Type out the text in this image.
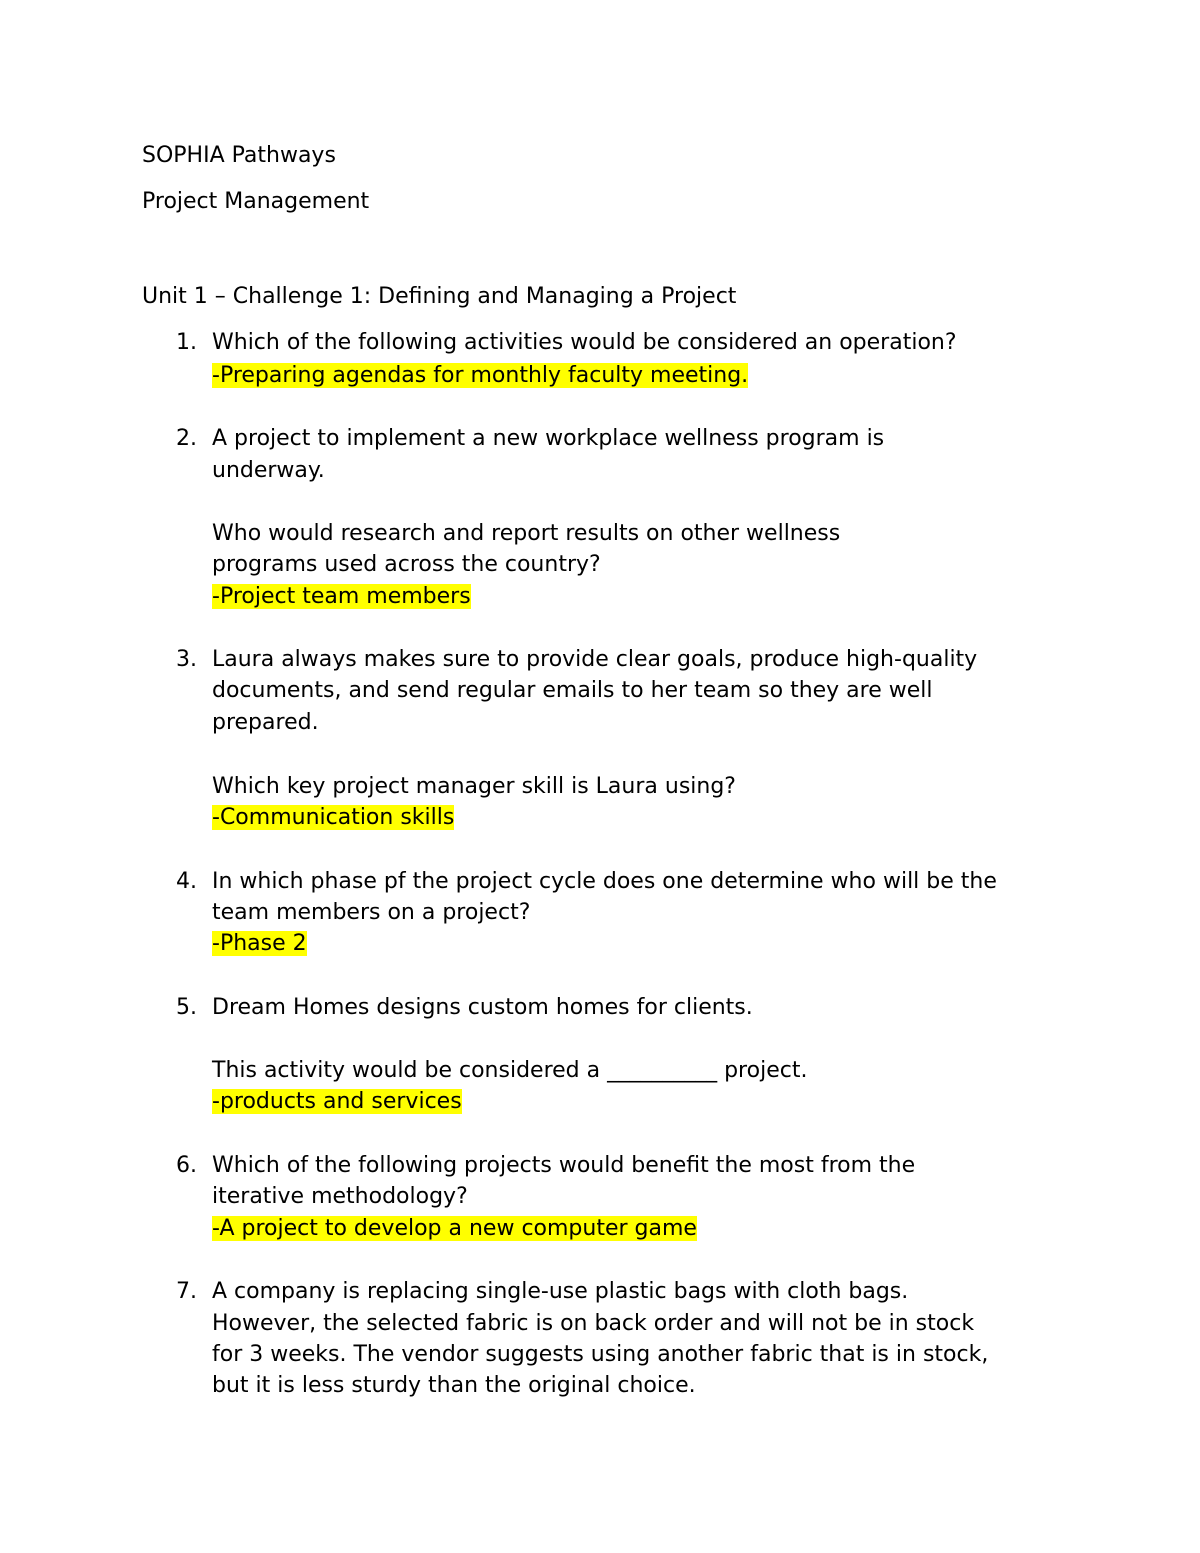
SOPHIA Pathways
Project Management
Unit 1 – Challenge 1: Defining and Managing a Project
1. Which of the following activities would be considered an operation?
-Preparing agendas for monthly faculty meeting.
2. A project to implement a new workplace wellness program is
underway.
Who would research and report results on other wellness
programs used across the country?
-Project team members
3. Laura always makes sure to provide clear goals, produce high-quality
documents, and send regular emails to her team so they are well
prepared.
Which key project manager skill is Laura using?
-Communication skills
4. In which phase pf the project cycle does one determine who will be the
team members on a project?
-Phase 2
5. Dream Homes designs custom homes for clients.
This activity would be considered a __________ project.
-products and services
6. Which of the following projects would benefit the most from the
iterative methodology?
-A project to develop a new computer game
7. A company is replacing single-use plastic bags with cloth bags.
However, the selected fabric is on back order and will not be in stock
for 3 weeks. The vendor suggests using another fabric that is in stock,
but it is less sturdy than the original choice.
